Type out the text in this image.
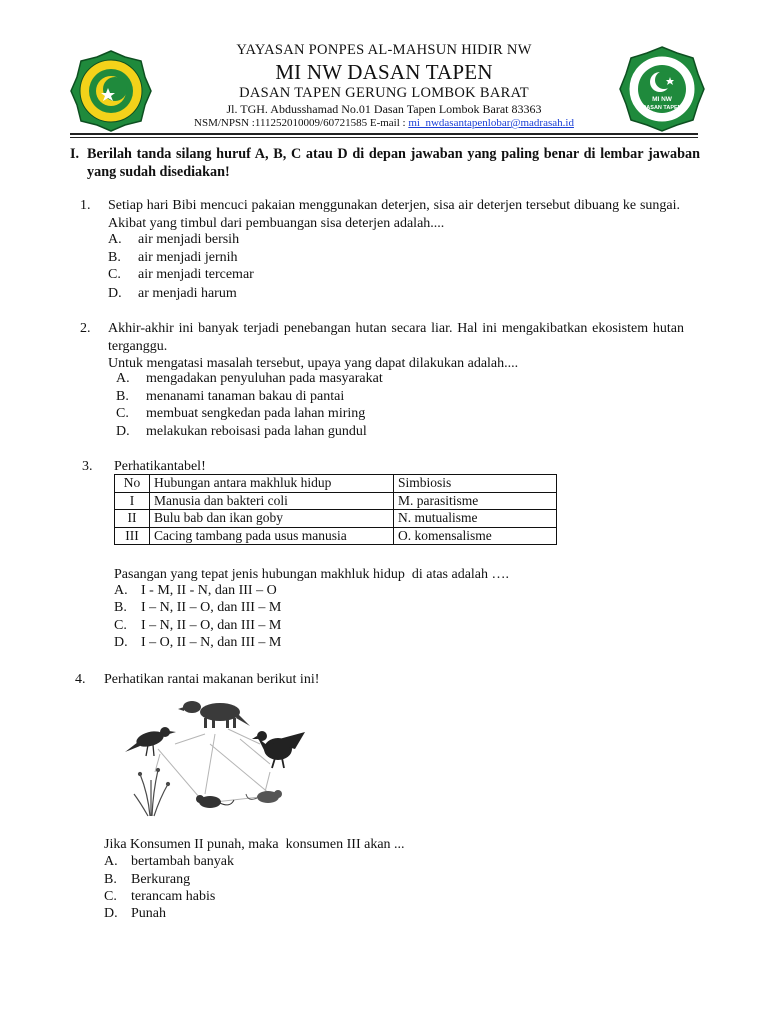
YAYASAN PONPES AL-MAHSUN HIDIR NW
MI NW DASAN TAPEN
DASAN TAPEN GERUNG LOMBOK BARAT
Jl. TGH. Abdusshamad No.01 Dasan Tapen Lombok Barat 83363
NSM/NPSN :111252010009/60721585 E-mail : mi_nwdasantapenlobar@madrasah.id
MI NW
DASAN TAPEN
I. Berilah tanda silang huruf A, B, C atau D di depan jawaban yang paling benar di lembar jawaban yang sudah disediakan!
1. Setiap hari Bibi mencuci pakaian menggunakan deterjen, sisa air deterjen tersebut dibuang ke sungai. Akibat yang timbul dari pembuangan sisa deterjen adalah....
A. air menjadi bersih
B. air menjadi jernih
C. air menjadi tercemar
D. ar menjadi harum
2. Akhir-akhir ini banyak terjadi penebangan hutan secara liar. Hal ini mengakibatkan ekosistem hutan terganggu.
Untuk mengatasi masalah tersebut, upaya yang dapat dilakukan adalah....
A. mengadakan penyuluhan pada masyarakat
B. menanami tanaman bakau di pantai
C. membuat sengkedan pada lahan miring
D. melakukan reboisasi pada lahan gundul
3. Perhatikantabel!
No	Hubungan antara makhluk hidup	Simbiosis
I	Manusia dan bakteri coli	M. parasitisme
II	Bulu bab dan ikan goby	N. mutualisme
III	Cacing tambang pada usus manusia	O. komensalisme
Pasangan yang tepat jenis hubungan makhluk hidup  di atas adalah ….
A. I - M, II - N, dan III – O
B. I – N, II – O, dan III – M
C. I – N, II – O, dan III – M
D. I – O, II – N, dan III – M
4. Perhatikan rantai makanan berikut ini!
Jika Konsumen II punah, maka  konsumen III akan ...
A. bertambah banyak
B. Berkurang
C. terancam habis
D. Punah
